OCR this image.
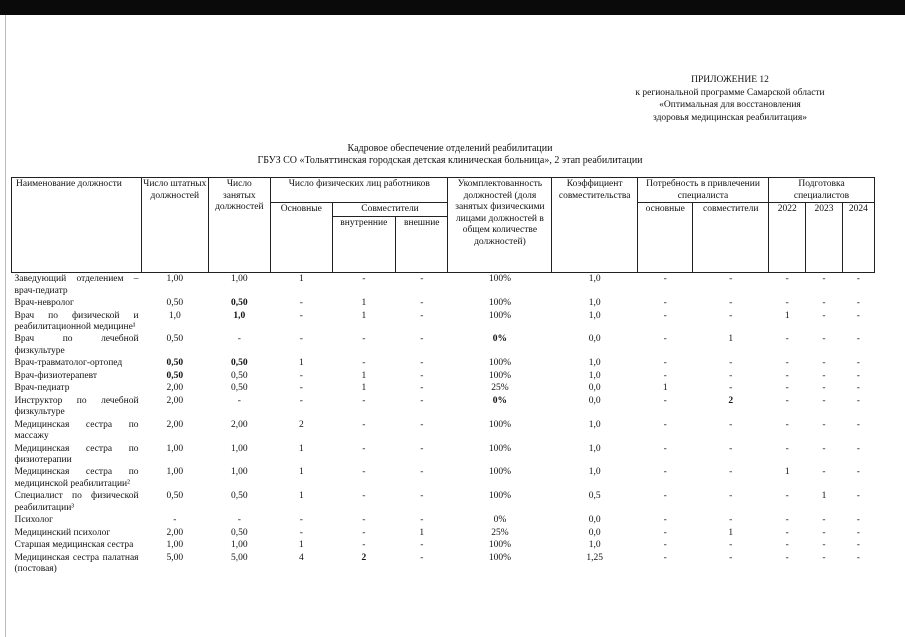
ПРИЛОЖЕНИЕ 12
к региональной программе Самарской области
«Оптимальная для восстановления
здоровья медицинская реабилитация»
Кадровое обеспечение отделений реабилитации
ГБУЗ СО «Тольяттинская городская детская клиническая больница», 2 этап реабилитации
Наименование должности	Число штатных должностей	Число занятых должностей	Число физических лиц работников			Укомплектованность должностей (доля занятых физическими лицами должностей в общем количестве должностей)	Коэффициент совместительства	Потребность в привлечении специалиста		Подготовка специалистов		
			Основные	Совместители				основные	совместители	2022	2023	2024
				внутренние	внешние							
Заведующий отделением – врач-педиатр	1,00	1,00	1	-	-	100%	1,0	-	-	-	-	-
Врач-невролог	0,50	0,50	-	1	-	100%	1,0	-	-	-	-	-
Врач по физической и реабилитационной медицине¹	1,0	1,0	-	1	-	100%	1,0	-	-	1	-	-
Врач по лечебной физкультуре	0,50	-	-	-	-	0%	0,0	-	1	-	-	-
Врач-травматолог-ортопед	0,50	0,50	1	-	-	100%	1,0	-	-	-	-	-
Врач-физиотерапевт	0,50	0,50	-	1	-	100%	1,0	-	-	-	-	-
Врач-педиатр	2,00	0,50	-	1	-	25%	0,0	1	-	-	-	-
Инструктор по лечебной физкультуре	2,00	-	-	-	-	0%	0,0	-	2	-	-	-
Медицинская сестра по массажу	2,00	2,00	2	-	-	100%	1,0	-	-	-	-	-
Медицинская сестра по физиотерапии	1,00	1,00	1	-	-	100%	1,0	-	-	-	-	-
Медицинская сестра по медицинской реабилитации²	1,00	1,00	1	-	-	100%	1,0	-	-	1	-	-
Специалист по физической реабилитации³	0,50	0,50	1	-	-	100%	0,5	-	-	-	1	-
Психолог	-	-	-	-	-	0%	0,0	-	-	-	-	-
Медицинский психолог	2,00	0,50	-	-	1	25%	0,0	-	1	-	-	-
Старшая медицинская сестра	1,00	1,00	1	-	-	100%	1,0	-	-	-	-	-
Медицинская сестра палатная (постовая)	5,00	5,00	4	2	-	100%	1,25	-	-	-	-	-
